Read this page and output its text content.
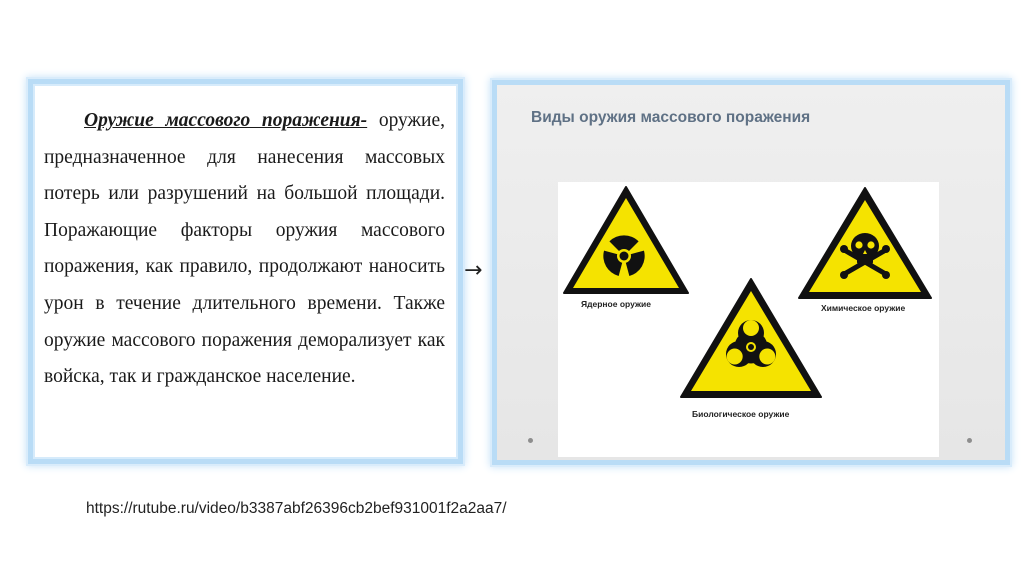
Оружие массового поражения- оружие, предназначенное для нанесения массовых потерь или разрушений на большой площади. Поражающие факторы оружия массового поражения, как правило, продолжают наносить урон в течение длительного времени. Также оружие массового поражения деморализует как войска, так и гражданское население.

→
Виды оружия массового поражения
Ядерное оружие	Химическое оружие
Биологическое оружие
https://rutube.ru/video/b3387abf26396cb2bef931001f2a2aa7/
